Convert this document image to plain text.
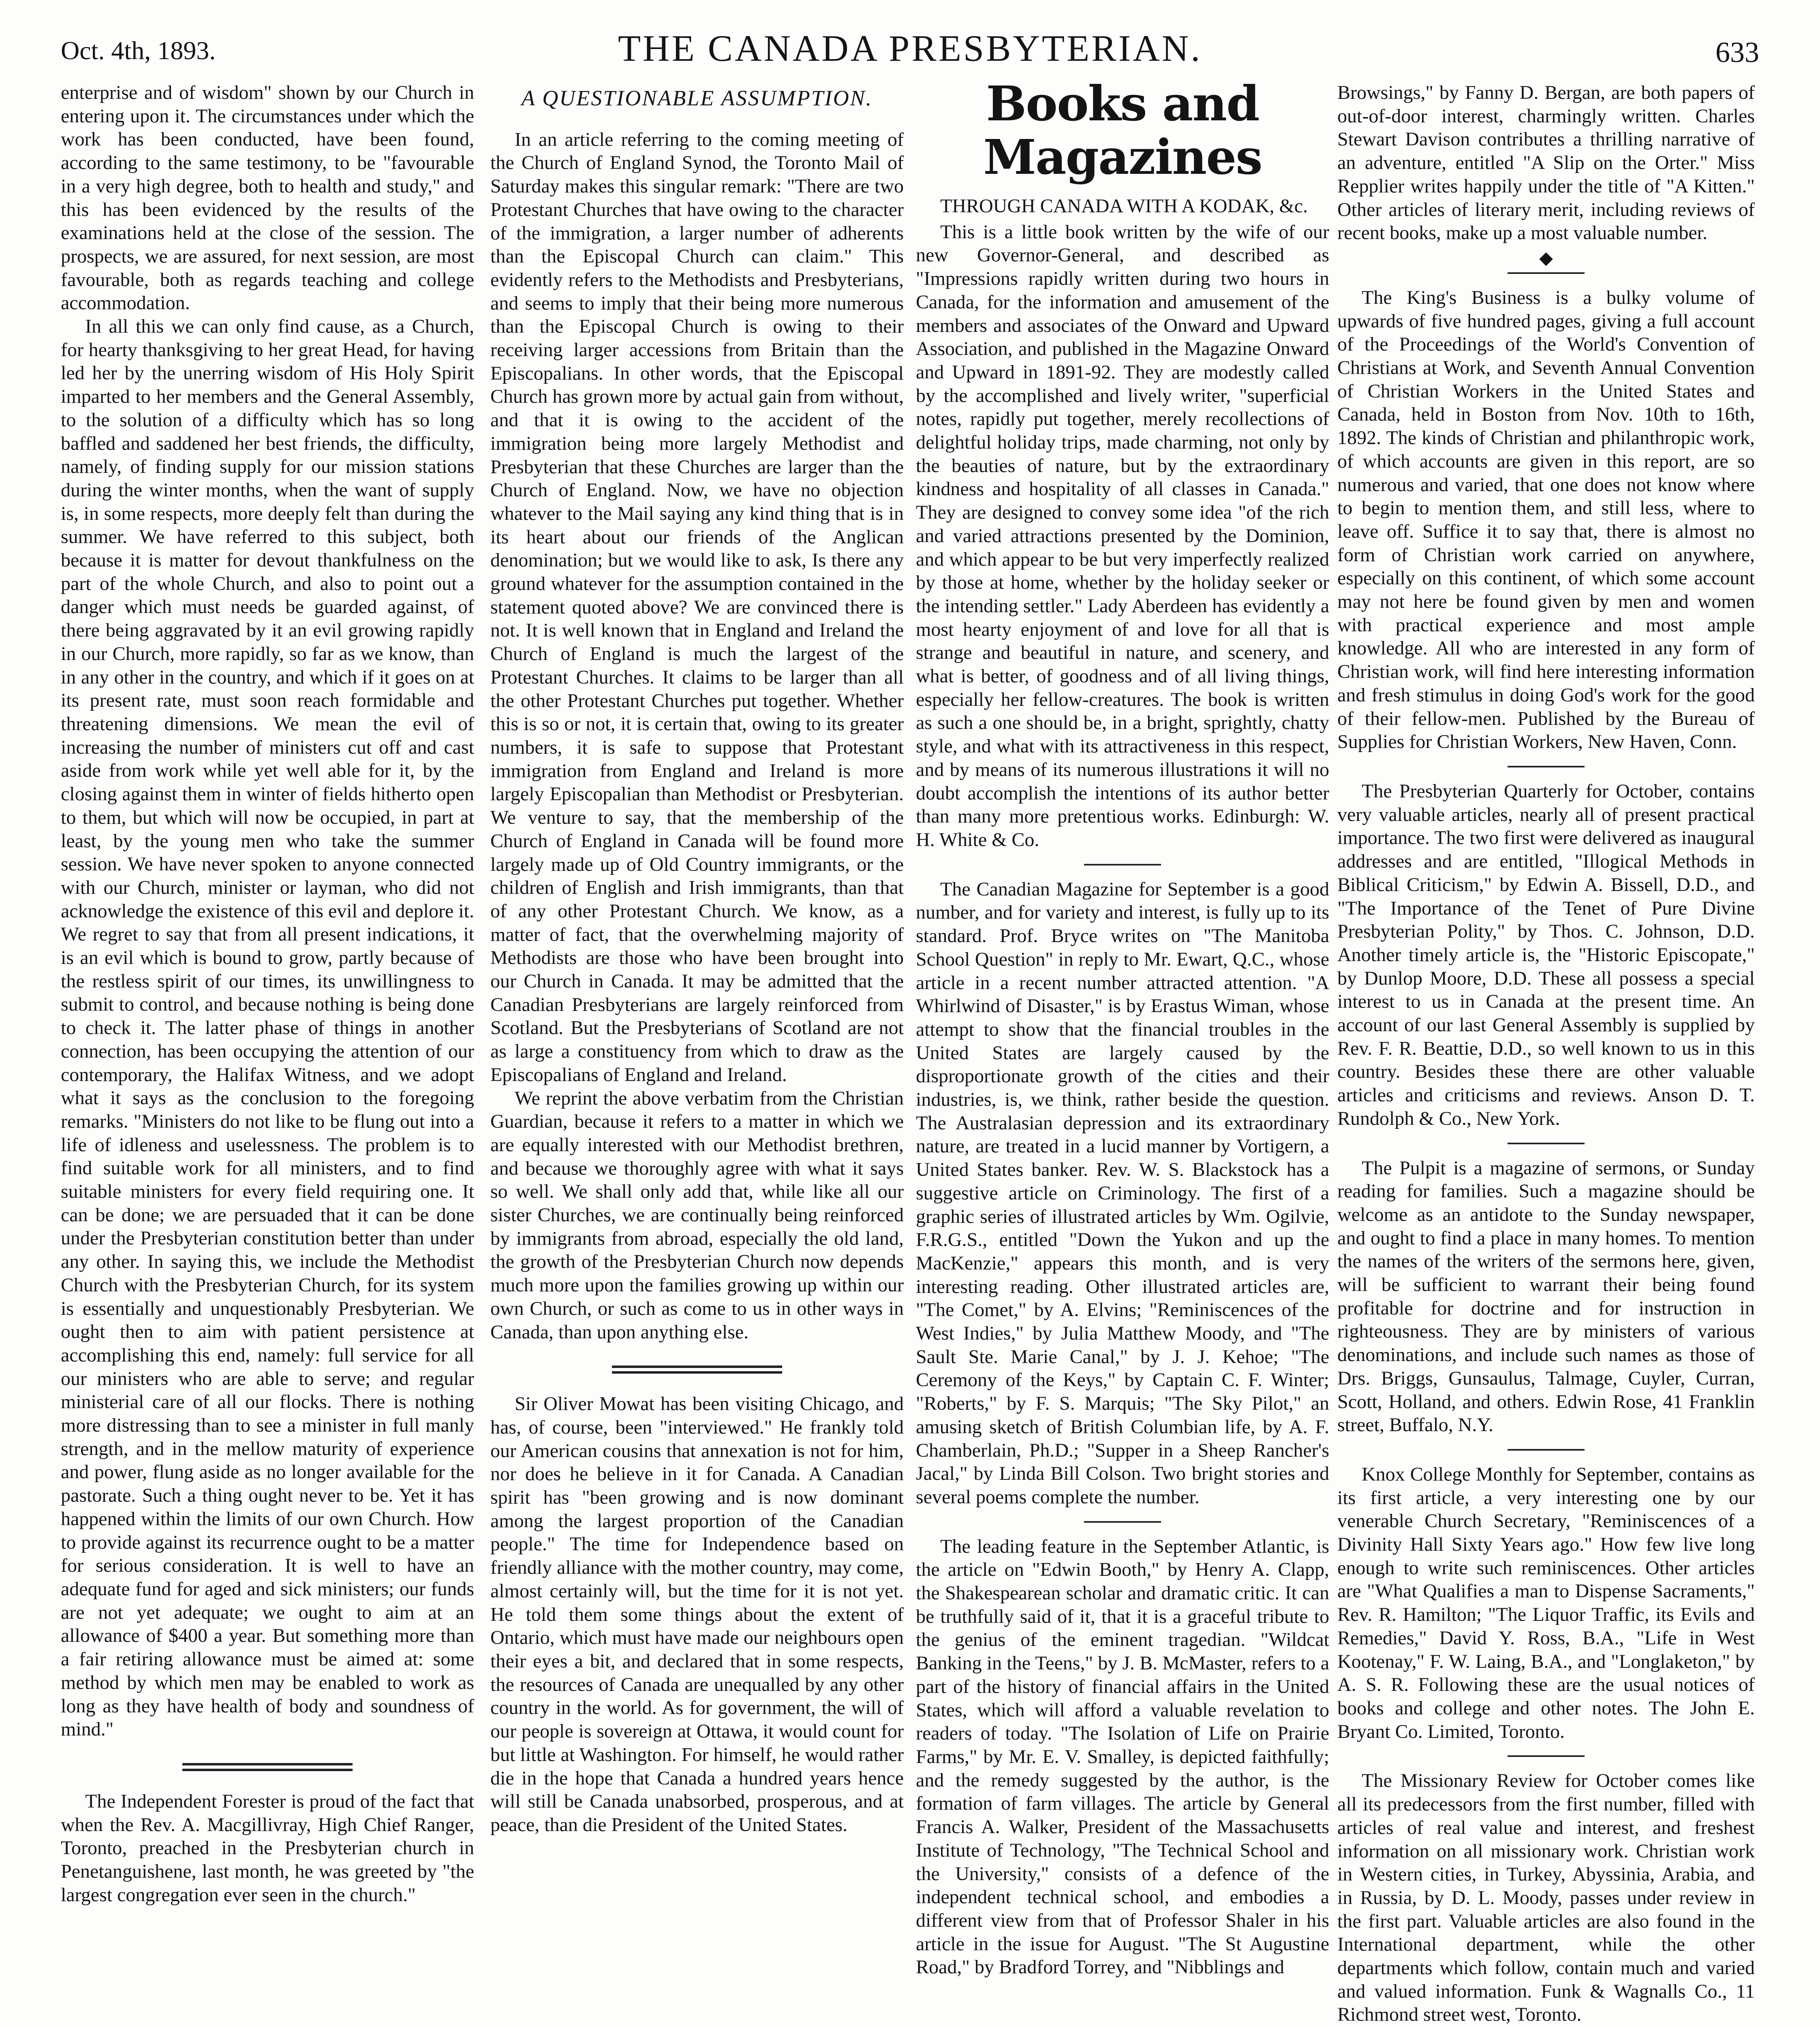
Oct. 4th, 1893.	THE CANADA PRESBYTERIAN.	633

enterprise and of wisdom" shown by our Church in entering upon it. The circumstances under which the work has been conducted, have been found, according to the same testimony, to be "favourable in a very high degree, both to health and study," and this has been evidenced by the results of the examinations held at the close of the session. The prospects, we are assured, for next session, are most favourable, both as regards teaching and college accommodation.

In all this we can only find cause, as a Church, for hearty thanksgiving to her great Head, for having led her by the unerring wisdom of His Holy Spirit imparted to her members and the General Assembly, to the solution of a difficulty which has so long baffled and saddened her best friends, the difficulty, namely, of finding supply for our mission stations during the winter months, when the want of supply is, in some respects, more deeply felt than during the summer. We have referred to this subject, both because it is matter for devout thankfulness on the part of the whole Church, and also to point out a danger which must needs be guarded against, of there being aggravated by it an evil growing rapidly in our Church, more rapidly, so far as we know, than in any other in the country, and which if it goes on at its present rate, must soon reach formidable and threatening dimensions. We mean the evil of increasing the number of ministers cut off and cast aside from work while yet well able for it, by the closing against them in winter of fields hitherto open to them, but which will now be occupied, in part at least, by the young men who take the summer session. We have never spoken to anyone connected with our Church, minister or layman, who did not acknowledge the existence of this evil and deplore it. We regret to say that from all present indications, it is an evil which is bound to grow, partly because of the restless spirit of our times, its unwillingness to submit to control, and because nothing is being done to check it. The latter phase of things in another connection, has been occupying the attention of our contemporary, the Halifax Witness, and we adopt what it says as the conclusion to the foregoing remarks. "Ministers do not like to be flung out into a life of idleness and uselessness. The problem is to find suitable work for all ministers, and to find suitable ministers for every field requiring one. It can be done; we are persuaded that it can be done under the Presbyterian constitution better than under any other. In saying this, we include the Methodist Church with the Presbyterian Church, for its system is essentially and unquestionably Presbyterian. We ought then to aim with patient persistence at accomplishing this end, namely: full service for all our ministers who are able to serve; and regular ministerial care of all our flocks. There is nothing more distressing than to see a minister in full manly strength, and in the mellow maturity of experience and power, flung aside as no longer available for the pastorate. Such a thing ought never to be. Yet it has happened within the limits of our own Church. How to provide against its recurrence ought to be a matter for serious consideration. It is well to have an adequate fund for aged and sick ministers; our funds are not yet adequate; we ought to aim at an allowance of $400 a year. But something more than a fair retiring allowance must be aimed at: some method by which men may be enabled to work as long as they have health of body and soundness of mind."

The Independent Forester is proud of the fact that when the Rev. A. Macgillivray, High Chief Ranger, Toronto, preached in the Presbyterian church in Penetanguishene, last month, he was greeted by "the largest congregation ever seen in the church."

A QUESTIONABLE ASSUMPTION.

In an article referring to the coming meeting of the Church of England Synod, the Toronto Mail of Saturday makes this singular remark: "There are two Protestant Churches that have owing to the character of the immigration, a larger number of adherents than the Episcopal Church can claim." This evidently refers to the Methodists and Presbyterians, and seems to imply that their being more numerous than the Episcopal Church is owing to their receiving larger accessions from Britain than the Episcopalians. In other words, that the Episcopal Church has grown more by actual gain from without, and that it is owing to the accident of the immigration being more largely Methodist and Presbyterian that these Churches are larger than the Church of England. Now, we have no objection whatever to the Mail saying any kind thing that is in its heart about our friends of the Anglican denomination; but we would like to ask, Is there any ground whatever for the assumption contained in the statement quoted above? We are convinced there is not. It is well known that in England and Ireland the Church of England is much the largest of the Protestant Churches. It claims to be larger than all the other Protestant Churches put together. Whether this is so or not, it is certain that, owing to its greater numbers, it is safe to suppose that Protestant immigration from England and Ireland is more largely Episcopalian than Methodist or Presbyterian. We venture to say, that the membership of the Church of England in Canada will be found more largely made up of Old Country immigrants, or the children of English and Irish immigrants, than that of any other Protestant Church. We know, as a matter of fact, that the overwhelming majority of Methodists are those who have been brought into our Church in Canada. It may be admitted that the Canadian Presbyterians are largely reinforced from Scotland. But the Presbyterians of Scotland are not as large a constituency from which to draw as the Episcopalians of England and Ireland.

We reprint the above verbatim from the Christian Guardian, because it refers to a matter in which we are equally interested with our Methodist brethren, and because we thoroughly agree with what it says so well. We shall only add that, while like all our sister Churches, we are continually being reinforced by immigrants from abroad, especially the old land, the growth of the Presbyterian Church now depends much more upon the families growing up within our own Church, or such as come to us in other ways in Canada, than upon anything else.

Sir Oliver Mowat has been visiting Chicago, and has, of course, been "interviewed." He frankly told our American cousins that annexation is not for him, nor does he believe in it for Canada. A Canadian spirit has "been growing and is now dominant among the largest proportion of the Canadian people." The time for Independence based on friendly alliance with the mother country, may come, almost certainly will, but the time for it is not yet. He told them some things about the extent of Ontario, which must have made our neighbours open their eyes a bit, and declared that in some respects, the resources of Canada are unequalled by any other country in the world. As for government, the will of our people is sovereign at Ottawa, it would count for but little at Washington. For himself, he would rather die in the hope that Canada a hundred years hence will still be Canada unabsorbed, prosperous, and at peace, than die President of the United States.

Books and Magazines

THROUGH CANADA WITH A KODAK, &c.

This is a little book written by the wife of our new Governor-General, and described as "Impressions rapidly written during two hours in Canada, for the information and amusement of the members and associates of the Onward and Upward Association, and published in the Magazine Onward and Upward in 1891-92. They are modestly called by the accomplished and lively writer, "superficial notes, rapidly put together, merely recollections of delightful holiday trips, made charming, not only by the beauties of nature, but by the extraordinary kindness and hospitality of all classes in Canada." They are designed to convey some idea "of the rich and varied attractions presented by the Dominion, and which appear to be but very imperfectly realized by those at home, whether by the holiday seeker or the intending settler." Lady Aberdeen has evidently a most hearty enjoyment of and love for all that is strange and beautiful in nature, and scenery, and what is better, of goodness and of all living things, especially her fellow-creatures. The book is written as such a one should be, in a bright, sprightly, chatty style, and what with its attractiveness in this respect, and by means of its numerous illustrations it will no doubt accomplish the intentions of its author better than many more pretentious works. Edinburgh: W. H. White & Co.

The Canadian Magazine for September is a good number, and for variety and interest, is fully up to its standard. Prof. Bryce writes on "The Manitoba School Question" in reply to Mr. Ewart, Q.C., whose article in a recent number attracted attention. "A Whirlwind of Disaster," is by Erastus Wiman, whose attempt to show that the financial troubles in the United States are largely caused by the disproportionate growth of the cities and their industries, is, we think, rather beside the question. The Australasian depression and its extraordinary nature, are treated in a lucid manner by Vortigern, a United States banker. Rev. W. S. Blackstock has a suggestive article on Criminology. The first of a graphic series of illustrated articles by Wm. Ogilvie, F.R.G.S., entitled "Down the Yukon and up the MacKenzie," appears this month, and is very interesting reading. Other illustrated articles are, "The Comet," by A. Elvins; "Reminiscences of the West Indies," by Julia Matthew Moody, and "The Sault Ste. Marie Canal," by J. J. Kehoe; "The Ceremony of the Keys," by Captain C. F. Winter; "Roberts," by F. S. Marquis; "The Sky Pilot," an amusing sketch of British Columbian life, by A. F. Chamberlain, Ph.D.; "Supper in a Sheep Rancher's Jacal," by Linda Bill Colson. Two bright stories and several poems complete the number.

The leading feature in the September Atlantic, is the article on "Edwin Booth," by Henry A. Clapp, the Shakespearean scholar and dramatic critic. It can be truthfully said of it, that it is a graceful tribute to the genius of the eminent tragedian. "Wildcat Banking in the Teens," by J. B. McMaster, refers to a part of the history of financial affairs in the United States, which will afford a valuable revelation to readers of today. "The Isolation of Life on Prairie Farms," by Mr. E. V. Smalley, is depicted faithfully; and the remedy suggested by the author, is the formation of farm villages. The article by General Francis A. Walker, President of the Massachusetts Institute of Technology, "The Technical School and the University," consists of a defence of the independent technical school, and embodies a different view from that of Professor Shaler in his article in the issue for August. "The St Augustine Road," by Bradford Torrey, and "Nibblings and

Browsings," by Fanny D. Bergan, are both papers of out-of-door interest, charmingly written. Charles Stewart Davison contributes a thrilling narrative of an adventure, entitled "A Slip on the Orter." Miss Repplier writes happily under the title of "A Kitten." Other articles of literary merit, including reviews of recent books, make up a most valuable number.

◆

The King's Business is a bulky volume of upwards of five hundred pages, giving a full account of the Proceedings of the World's Convention of Christians at Work, and Seventh Annual Convention of Christian Workers in the United States and Canada, held in Boston from Nov. 10th to 16th, 1892. The kinds of Christian and philanthropic work, of which accounts are given in this report, are so numerous and varied, that one does not know where to begin to mention them, and still less, where to leave off. Suffice it to say that, there is almost no form of Christian work carried on anywhere, especially on this continent, of which some account may not here be found given by men and women with practical experience and most ample knowledge. All who are interested in any form of Christian work, will find here interesting information and fresh stimulus in doing God's work for the good of their fellow-men. Published by the Bureau of Supplies for Christian Workers, New Haven, Conn.

The Presbyterian Quarterly for October, contains very valuable articles, nearly all of present practical importance. The two first were delivered as inaugural addresses and are entitled, "Illogical Methods in Biblical Criticism," by Edwin A. Bissell, D.D., and "The Importance of the Tenet of Pure Divine Presbyterian Polity," by Thos. C. Johnson, D.D. Another timely article is, the "Historic Episcopate," by Dunlop Moore, D.D. These all possess a special interest to us in Canada at the present time. An account of our last General Assembly is supplied by Rev. F. R. Beattie, D.D., so well known to us in this country. Besides these there are other valuable articles and criticisms and reviews. Anson D. T. Rundolph & Co., New York.

The Pulpit is a magazine of sermons, or Sunday reading for families. Such a magazine should be welcome as an antidote to the Sunday newspaper, and ought to find a place in many homes. To mention the names of the writers of the sermons here, given, will be sufficient to warrant their being found profitable for doctrine and for instruction in righteousness. They are by ministers of various denominations, and include such names as those of Drs. Briggs, Gunsaulus, Talmage, Cuyler, Curran, Scott, Holland, and others. Edwin Rose, 41 Franklin street, Buffalo, N.Y.

Knox College Monthly for September, contains as its first article, a very interesting one by our venerable Church Secretary, "Reminiscences of a Divinity Hall Sixty Years ago." How few live long enough to write such reminiscences. Other articles are "What Qualifies a man to Dispense Sacraments," Rev. R. Hamilton; "The Liquor Traffic, its Evils and Remedies," David Y. Ross, B.A., "Life in West Kootenay," F. W. Laing, B.A., and "Longlaketon," by A. S. R. Following these are the usual notices of books and college and other notes. The John E. Bryant Co. Limited, Toronto.

The Missionary Review for October comes like all its predecessors from the first number, filled with articles of real value and interest, and freshest information on all missionary work. Christian work in Western cities, in Turkey, Abyssinia, Arabia, and in Russia, by D. L. Moody, passes under review in the first part. Valuable articles are also found in the International department, while the other departments which follow, contain much and varied and valued information. Funk & Wagnalls Co., 11 Richmond street west, Toronto.
